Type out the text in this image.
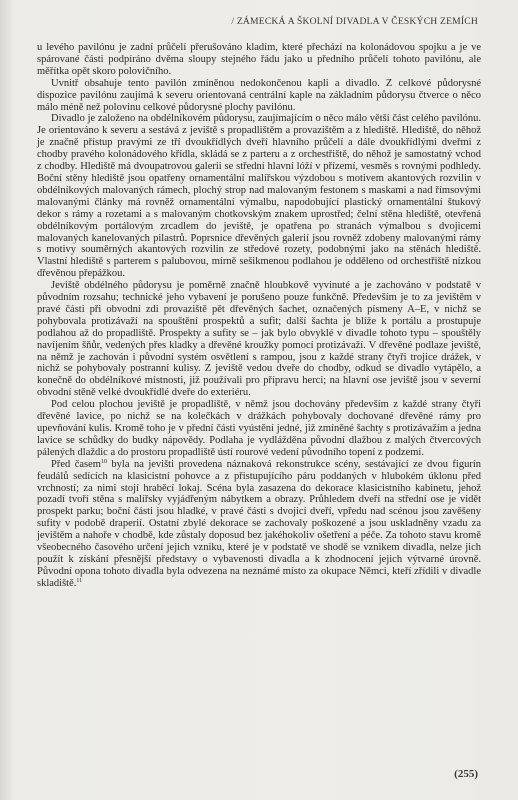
/ ZÁMECKÁ A ŠKOLNÍ DIVADLA V ČESKÝCH ZEMÍCH

u levého pavilónu je zadní průčelí přerušováno kladím, které přechází na kolonádovou spojku a je ve spárované části podpíráno dvěma sloupy stejného řádu jako u předního průčelí tohoto pavilónu, ale měřítka opět skoro polovičního.

Uvnitř obsahuje tento pavilón zmíněnou nedokončenou kapli a divadlo. Z celkové půdorysné dispozice pavilónu zaujímá k severu orientovaná centrální kaple na základním půdorysu čtverce o něco málo méně než polovinu celkové půdorysné plochy pavilónu.

Divadlo je založeno na obdélníkovém půdorysu, zaujímajícím o něco málo větší část celého pavilónu. Je orientováno k severu a sestává z jeviště s propadlištěm a provazištěm a z hlediště. Hlediště, do něhož je značně přístup pravými ze tří dvoukřídlých dveří hlavního průčelí a dále dvoukřídlými dveřmi z chodby pravého kolonádového křídla, skládá se z parteru a z orchestřiště, do něhož je samostatný vchod z chodby. Hlediště má dvoupatrovou galerii se střední hlavní lóží v přízemí, vesměs s rovnými podhledy. Boční stěny hlediště jsou opatřeny ornamentální malířskou výzdobou s motivem akantových rozvilin v obdélníkových malovaných rámech, plochý strop nad malovaným festonem s maskami a nad římsovými malovanými články má rovněž ornamentální výmalbu, napodobující plastický ornamentální štukový dekor s rámy a rozetami a s malovaným chotkovským znakem uprostřed; čelní stěna hlediště, otevřená obdélníkovým portálovým zrcadlem do jeviště, je opatřena po stranách výmalbou s dvojicemi malovaných kanelovaných pilastrů. Poprsnice dřevěných galerií jsou rovněž zdobeny malovanými rámy s motivy souměrných akantových rozvilin ze středové rozety, podobnými jako na stěnách hlediště. Vlastní hlediště s parterem s palubovou, mírně sešikmenou podlahou je odděleno od orchestřiště nízkou dřevěnou přepážkou.

Jeviště obdélného půdorysu je poměrně značně hloubkově vyvinuté a je zachováno v podstatě v původním rozsahu; technické jeho vybavení je porušeno pouze funkčně. Především je to za jevištěm v pravé části při obvodní zdi provaziště pět dřevěných šachet, označených písmeny A–E, v nichž se pohybovala protizávaží na spouštění prospektů a sufit; další šachta je blíže k portálu a prostupuje podlahou až do propadliště. Prospekty a sufity se – jak bylo obvyklé v divadle tohoto typu – spouštěly navíjením šňůr, vedených přes kladky a dřevěné kroužky pomocí protizávaží. V dřevěné podlaze jeviště, na němž je zachován i původní systém osvětlení s rampou, jsou z každé strany čtyři trojice drážek, v nichž se pohybovaly postranní kulisy. Z jeviště vedou dveře do chodby, odkud se divadlo vytápělo, a konečně do obdélníkové místnosti, již používali pro přípravu herci; na hlavní ose jeviště jsou v severní obvodní stěně velké dvoukřídlé dveře do exteriéru.

Pod celou plochou jeviště je propadliště, v němž jsou dochovány především z každé strany čtyři dřevěné lavice, po nichž se na kolečkách v drážkách pohybovaly dochované dřevěné rámy pro upevňování kulis. Kromě toho je v přední části vyústění jedné, již zmíněné šachty s protizávažím a jedna lavice se schůdky do budky nápovědy. Podlaha je vydlážděna původní dlažbou z malých čtvercových pálených dlaždic a do prostoru propadliště ústí rourové vedení původního topení z podzemí.

Před časem$^{10}$ byla na jevišti provedena náznaková rekonstrukce scény, sestávající ze dvou figurín feudálů sedících na klasicistní pohovce a z přistupujícího páru poddaných v hlubokém úklonu před vrchností; za nimi stojí hraběcí lokaj. Scéna byla zasazena do dekorace klasicistního kabinetu, jehož pozadí tvoří stěna s malířsky vyjádřeným nábytkem a obrazy. Průhledem dveří na střední ose je vidět prospekt parku; boční části jsou hladké, v pravé části s dvojicí dveří, vpředu nad scénou jsou zavěšeny sufity v podobě draperií. Ostatní zbylé dekorace se zachovaly poškozené a jsou uskladněny vzadu za jevištěm a nahoře v chodbě, kde zůstaly doposud bez jakéhokoliv ošetření a péče. Za tohoto stavu kromě všeobecného časového určení jejich vzniku, které je v podstatě ve shodě se vznikem divadla, nelze jich použít k získání přesnější představy o vybavenosti divadla a k zhodnocení jejich výtvarné úrovně. Původní opona tohoto divadla byla odvezena na neznámé místo za okupace Němci, kteří zřídili v divadle skladiště.$^{11}$

(255)
